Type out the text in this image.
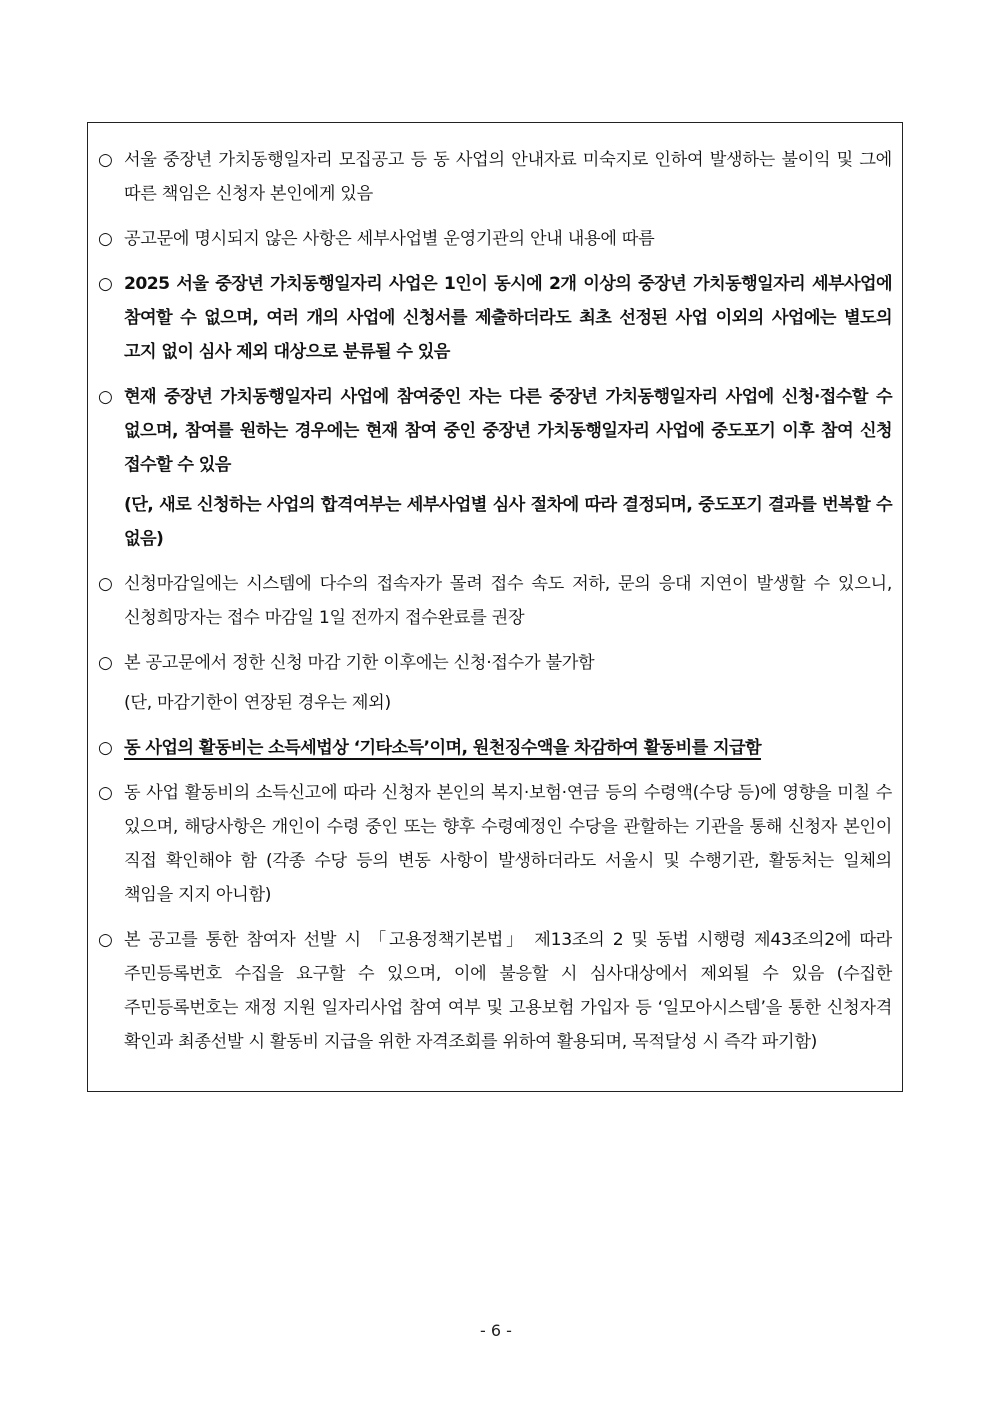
○ 서울 중장년 가치동행일자리 모집공고 등 동 사업의 안내자료 미숙지로 인하여 발생하는 불이익 및 그에 따른 책임은 신청자 본인에게 있음
○ 공고문에 명시되지 않은 사항은 세부사업별 운영기관의 안내 내용에 따름
○ 2025 서울 중장년 가치동행일자리 사업은 1인이 동시에 2개 이상의 중장년 가치동행일자리 세부사업에 참여할 수 없으며, 여러 개의 사업에 신청서를 제출하더라도 최초 선정된 사업 이외의 사업에는 별도의 고지 없이 심사 제외 대상으로 분류될 수 있음
○ 현재 중장년 가치동행일자리 사업에 참여중인 자는 다른 중장년 가치동행일자리 사업에 신청·접수할 수 없으며, 참여를 원하는 경우에는 현재 참여 중인 중장년 가치동행일자리 사업에 중도포기 이후 참여 신청 접수할 수 있음
(단, 새로 신청하는 사업의 합격여부는 세부사업별 심사 절차에 따라 결정되며, 중도포기 결과를 번복할 수 없음)
○ 신청마감일에는 시스템에 다수의 접속자가 몰려 접수 속도 저하, 문의 응대 지연이 발생할 수 있으니, 신청희망자는 접수 마감일 1일 전까지 접수완료를 권장
○ 본 공고문에서 정한 신청 마감 기한 이후에는 신청·접수가 불가함
(단, 마감기한이 연장된 경우는 제외)
○ 동 사업의 활동비는 소득세법상 ‘기타소득’이며, 원천징수액을 차감하여 활동비를 지급함
○ 동 사업 활동비의 소득신고에 따라 신청자 본인의 복지·보험·연금 등의 수령액(수당 등)에 영향을 미칠 수 있으며, 해당사항은 개인이 수령 중인 또는 향후 수령예정인 수당을 관할하는 기관을 통해 신청자 본인이 직접 확인해야 함 (각종 수당 등의 변동 사항이 발생하더라도 서울시 및 수행기관, 활동처는 일체의 책임을 지지 아니함)
○ 본 공고를 통한 참여자 선발 시 「고용정책기본법」 제13조의 2 및 동법 시행령 제43조의2에 따라 주민등록번호 수집을 요구할 수 있으며, 이에 불응할 시 심사대상에서 제외될 수 있음 (수집한 주민등록번호는 재정 지원 일자리사업 참여 여부 및 고용보험 가입자 등 ‘일모아시스템’을 통한 신청자격 확인과 최종선발 시 활동비 지급을 위한 자격조회를 위하여 활용되며, 목적달성 시 즉각 파기함)
- 6 -
